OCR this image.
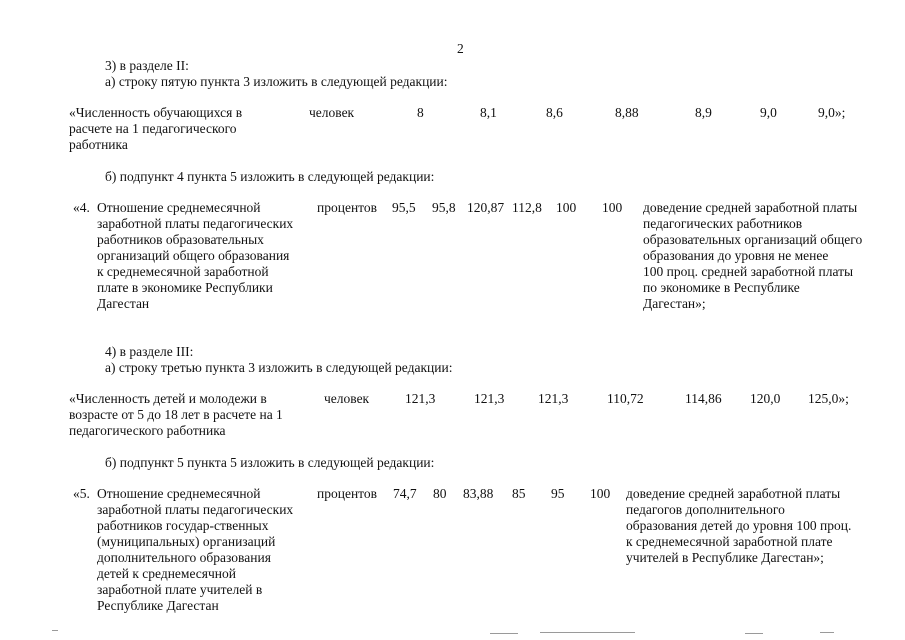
2
3) в разделе II:
а) строку пятую пункта 3 изложить в следующей редакции:
«Численность обучающихся в
расчете на 1 педагогического
работника
человек	8	8,1	8,6	8,88	8,9	9,0	9,0»;
б) подпункт 4 пункта 5 изложить в следующей редакции:
«4. Отношение среднемесячной
заработной платы педагогических
работников образовательных
организаций общего образования
к среднемесячной заработной
плате в экономике Республики
Дагестан
процентов 95,5 95,8 120,87 112,8 100 100 доведение средней заработной платы
педагогических работников
образовательных организаций общего
образования до уровня не менее
100 проц. средней заработной платы
по экономике в Республике
Дагестан»;
4) в разделе III:
а) строку третью пункта 3 изложить в следующей редакции:
«Численность детей и молодежи в
возрасте от 5 до 18 лет в расчете на 1
педагогического работника
человек	121,3	121,3 121,3	110,72	114,86 120,0 125,0»;
б) подпункт 5 пункта 5 изложить в следующей редакции:
«5. Отношение среднемесячной
заработной платы педагогических
работников государ-ственных
(муниципальных) организаций
дополнительного образования
детей к среднемесячной
заработной плате учителей в
Республике Дагестан
процентов 74,7 80 83,88 85 95 100 доведение средней заработной платы
педагогов дополнительного
образования детей до уровня 100 проц.
к среднемесячной заработной плате
учителей в Республике Дагестан»;
